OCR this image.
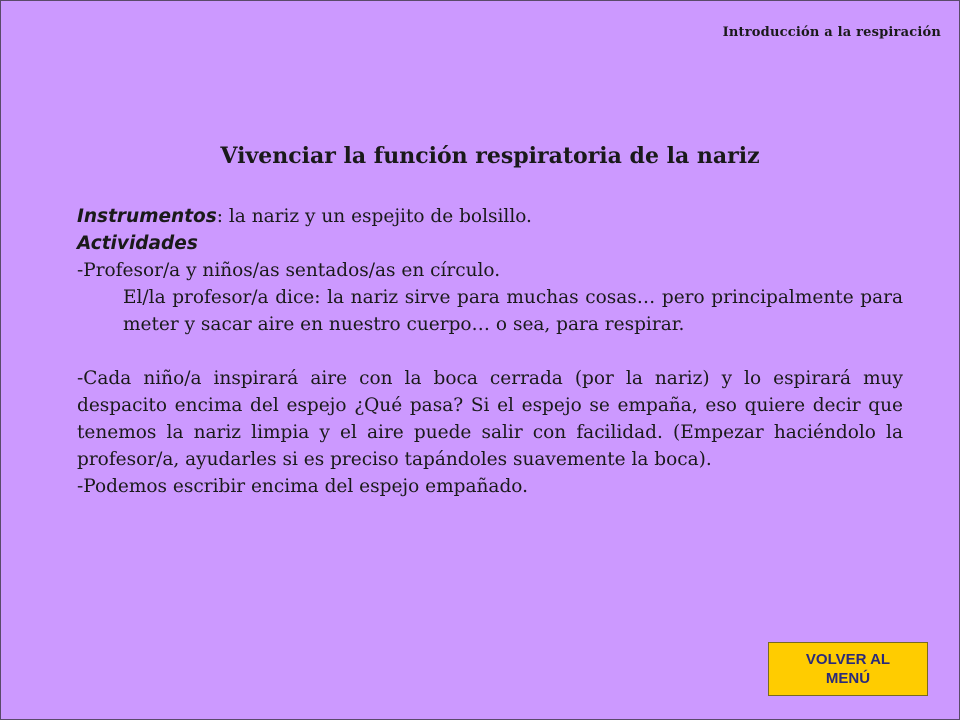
Introducción a la respiración
Vivenciar la función respiratoria de la nariz

Instrumentos: la nariz y un espejito de bolsillo.

Actividades

-Profesor/a y niños/as sentados/as en círculo.

El/la profesor/a dice: la nariz sirve para muchas cosas… pero principalmente para meter y sacar aire en nuestro cuerpo… o sea, para respirar.

-Cada niño/a inspirará aire con la boca cerrada (por la nariz) y lo espirará muy despacito encima del espejo ¿Qué pasa? Si el espejo se empaña, eso quiere decir que tenemos la nariz limpia y el aire puede salir con facilidad. (Empezar haciéndolo la profesor/a, ayudarles si es preciso tapándoles suavemente la boca).

-Podemos escribir encima del espejo empañado.

VOLVER AL
MENÚ
